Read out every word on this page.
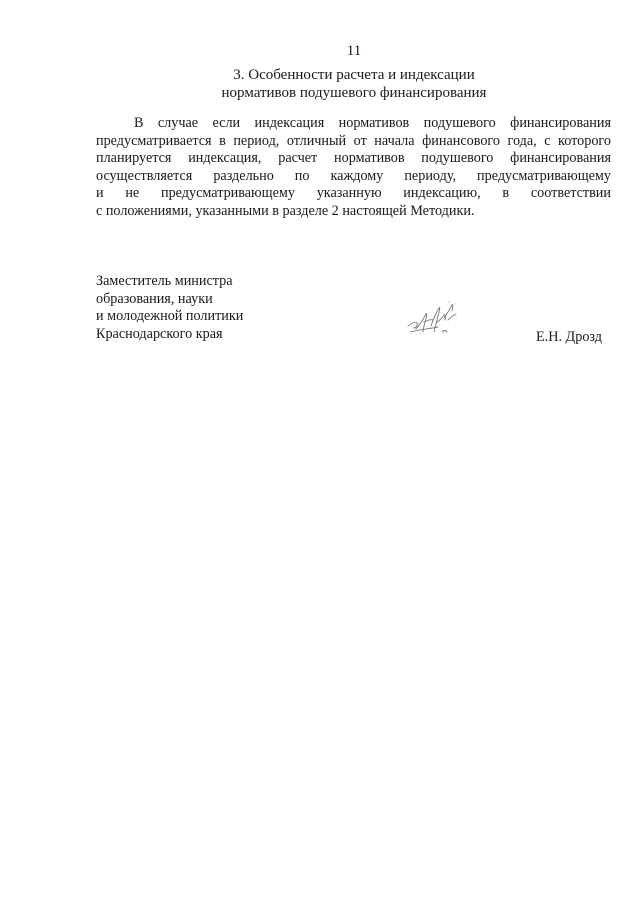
11
3. Особенности расчета и индексации
нормативов подушевого финансирования
В случае если индексация нормативов подушевого финансирования
предусматривается в период, отличный от начала финансового года, с которого
планируется индексация, расчет нормативов подушевого финансирования
осуществляется раздельно по каждому периоду, предусматривающему
и не предусматривающему указанную индексацию, в соответствии
с положениями, указанными в разделе 2 настоящей Методики.
Заместитель министра
образования, науки
и молодежной политики
Краснодарского края	Е.Н. Дрозд
